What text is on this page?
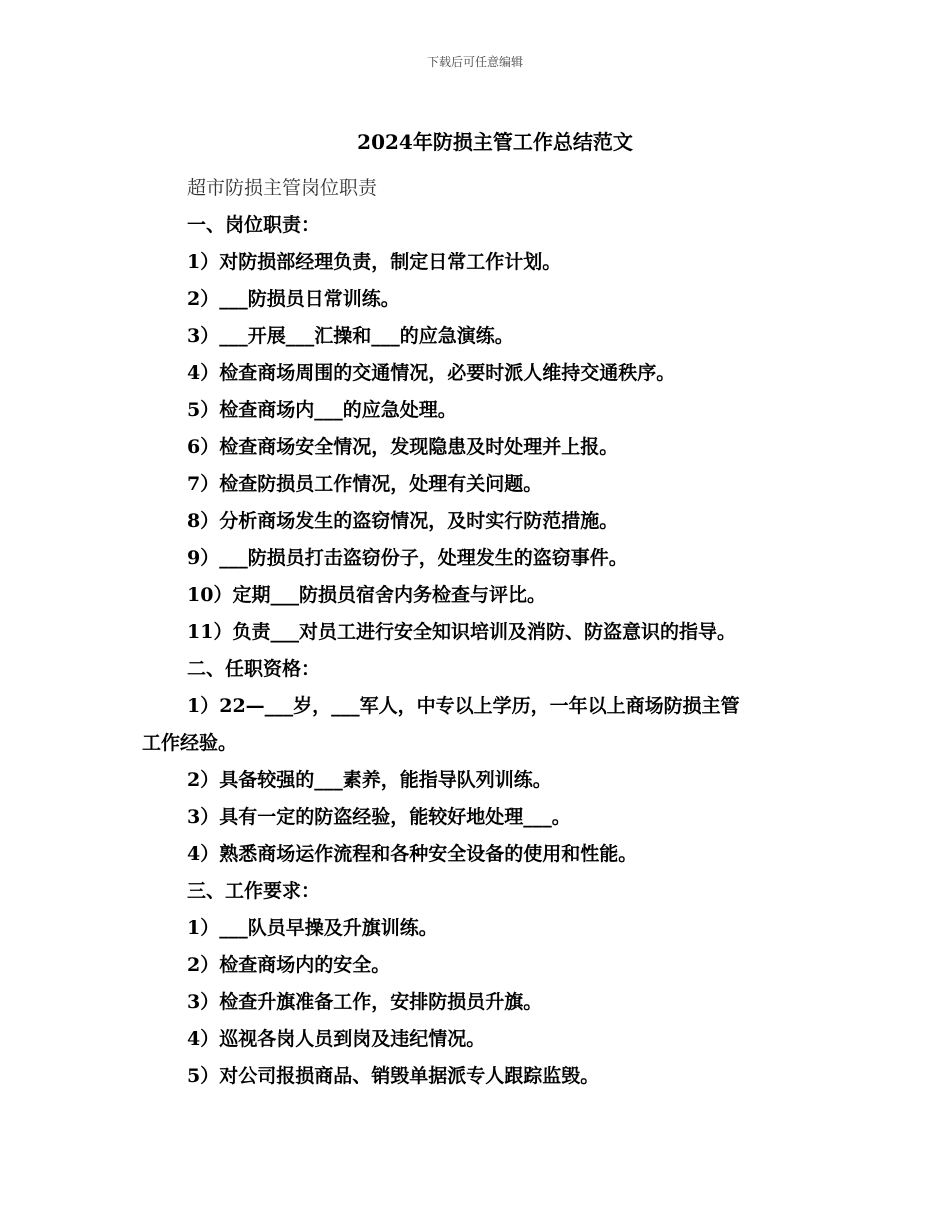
下载后可任意编辑
2024年防损主管工作总结范文
超市防损主管岗位职责
一、岗位职责：
1）对防损部经理负责，制定日常工作计划。
2）___防损员日常训练。
3）___开展___汇操和___的应急演练。
4）检查商场周围的交通情况，必要时派人维持交通秩序。
5）检查商场内___的应急处理。
6）检查商场安全情况，发现隐患及时处理并上报。
7）检查防损员工作情况，处理有关问题。
8）分析商场发生的盗窃情况，及时实行防范措施。
9）___防损员打击盗窃份子，处理发生的盗窃事件。
10）定期___防损员宿舍内务检查与评比。
11）负责___对员工进行安全知识培训及消防、防盗意识的指导。
二、任职资格：
1）22—___岁，___军人，中专以上学历，一年以上商场防损主管
工作经验。
2）具备较强的___素养，能指导队列训练。
3）具有一定的防盗经验，能较好地处理___。
4）熟悉商场运作流程和各种安全设备的使用和性能。
三、工作要求：
1）___队员早操及升旗训练。
2）检查商场内的安全。
3）检查升旗准备工作，安排防损员升旗。
4）巡视各岗人员到岗及违纪情况。
5）对公司报损商品、销毁单据派专人跟踪监毁。
